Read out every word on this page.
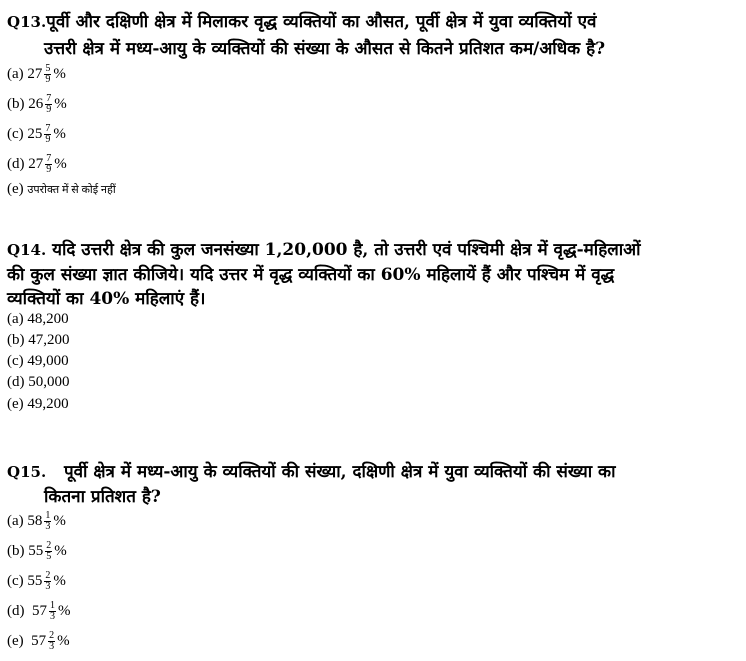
Q13.पूर्वी और दक्षिणी क्षेत्र में मिलाकर वृद्ध व्यक्तियों का औसत, पूर्वी क्षेत्र में युवा व्यक्तियों एवं
उत्तरी क्षेत्र में मध्य-आयु के व्यक्तियों की संख्या के औसत से कितने प्रतिशत कम/अधिक है?
(a) $27 \frac{5}{9}$ %
(b) $26 \frac{7}{9}$ %
(c) $25 \frac{7}{9}$ %
(d) $27 \frac{7}{9}$ %
(e) उपरोक्त में से कोई नहीं
Q14. यदि उत्तरी क्षेत्र की कुल जनसंख्या 1,20,000 है, तो उत्तरी एवं पश्चिमी क्षेत्र में वृद्ध-महिलाओं
की कुल संख्या ज्ञात कीजिये। यदि उत्तर में वृद्ध व्यक्तियों का 60% महिलायें हैं और पश्चिम में वृद्ध
व्यक्तियों का 40% महिलाएं हैं।
(a) 48,200
(b) 47,200
(c) 49,000
(d) 50,000
(e) 49,200
Q15. पूर्वी क्षेत्र में मध्य-आयु के व्यक्तियों की संख्या, दक्षिणी क्षेत्र में युवा व्यक्तियों की संख्या का
कितना प्रतिशत है?
(a) $58 \frac{1}{3}$ %
(b) $55 \frac{2}{5}$ %
(c) $55 \frac{2}{3}$ %
(d) $57 \frac{1}{3}$ %
(e) $57 \frac{2}{3}$ %
